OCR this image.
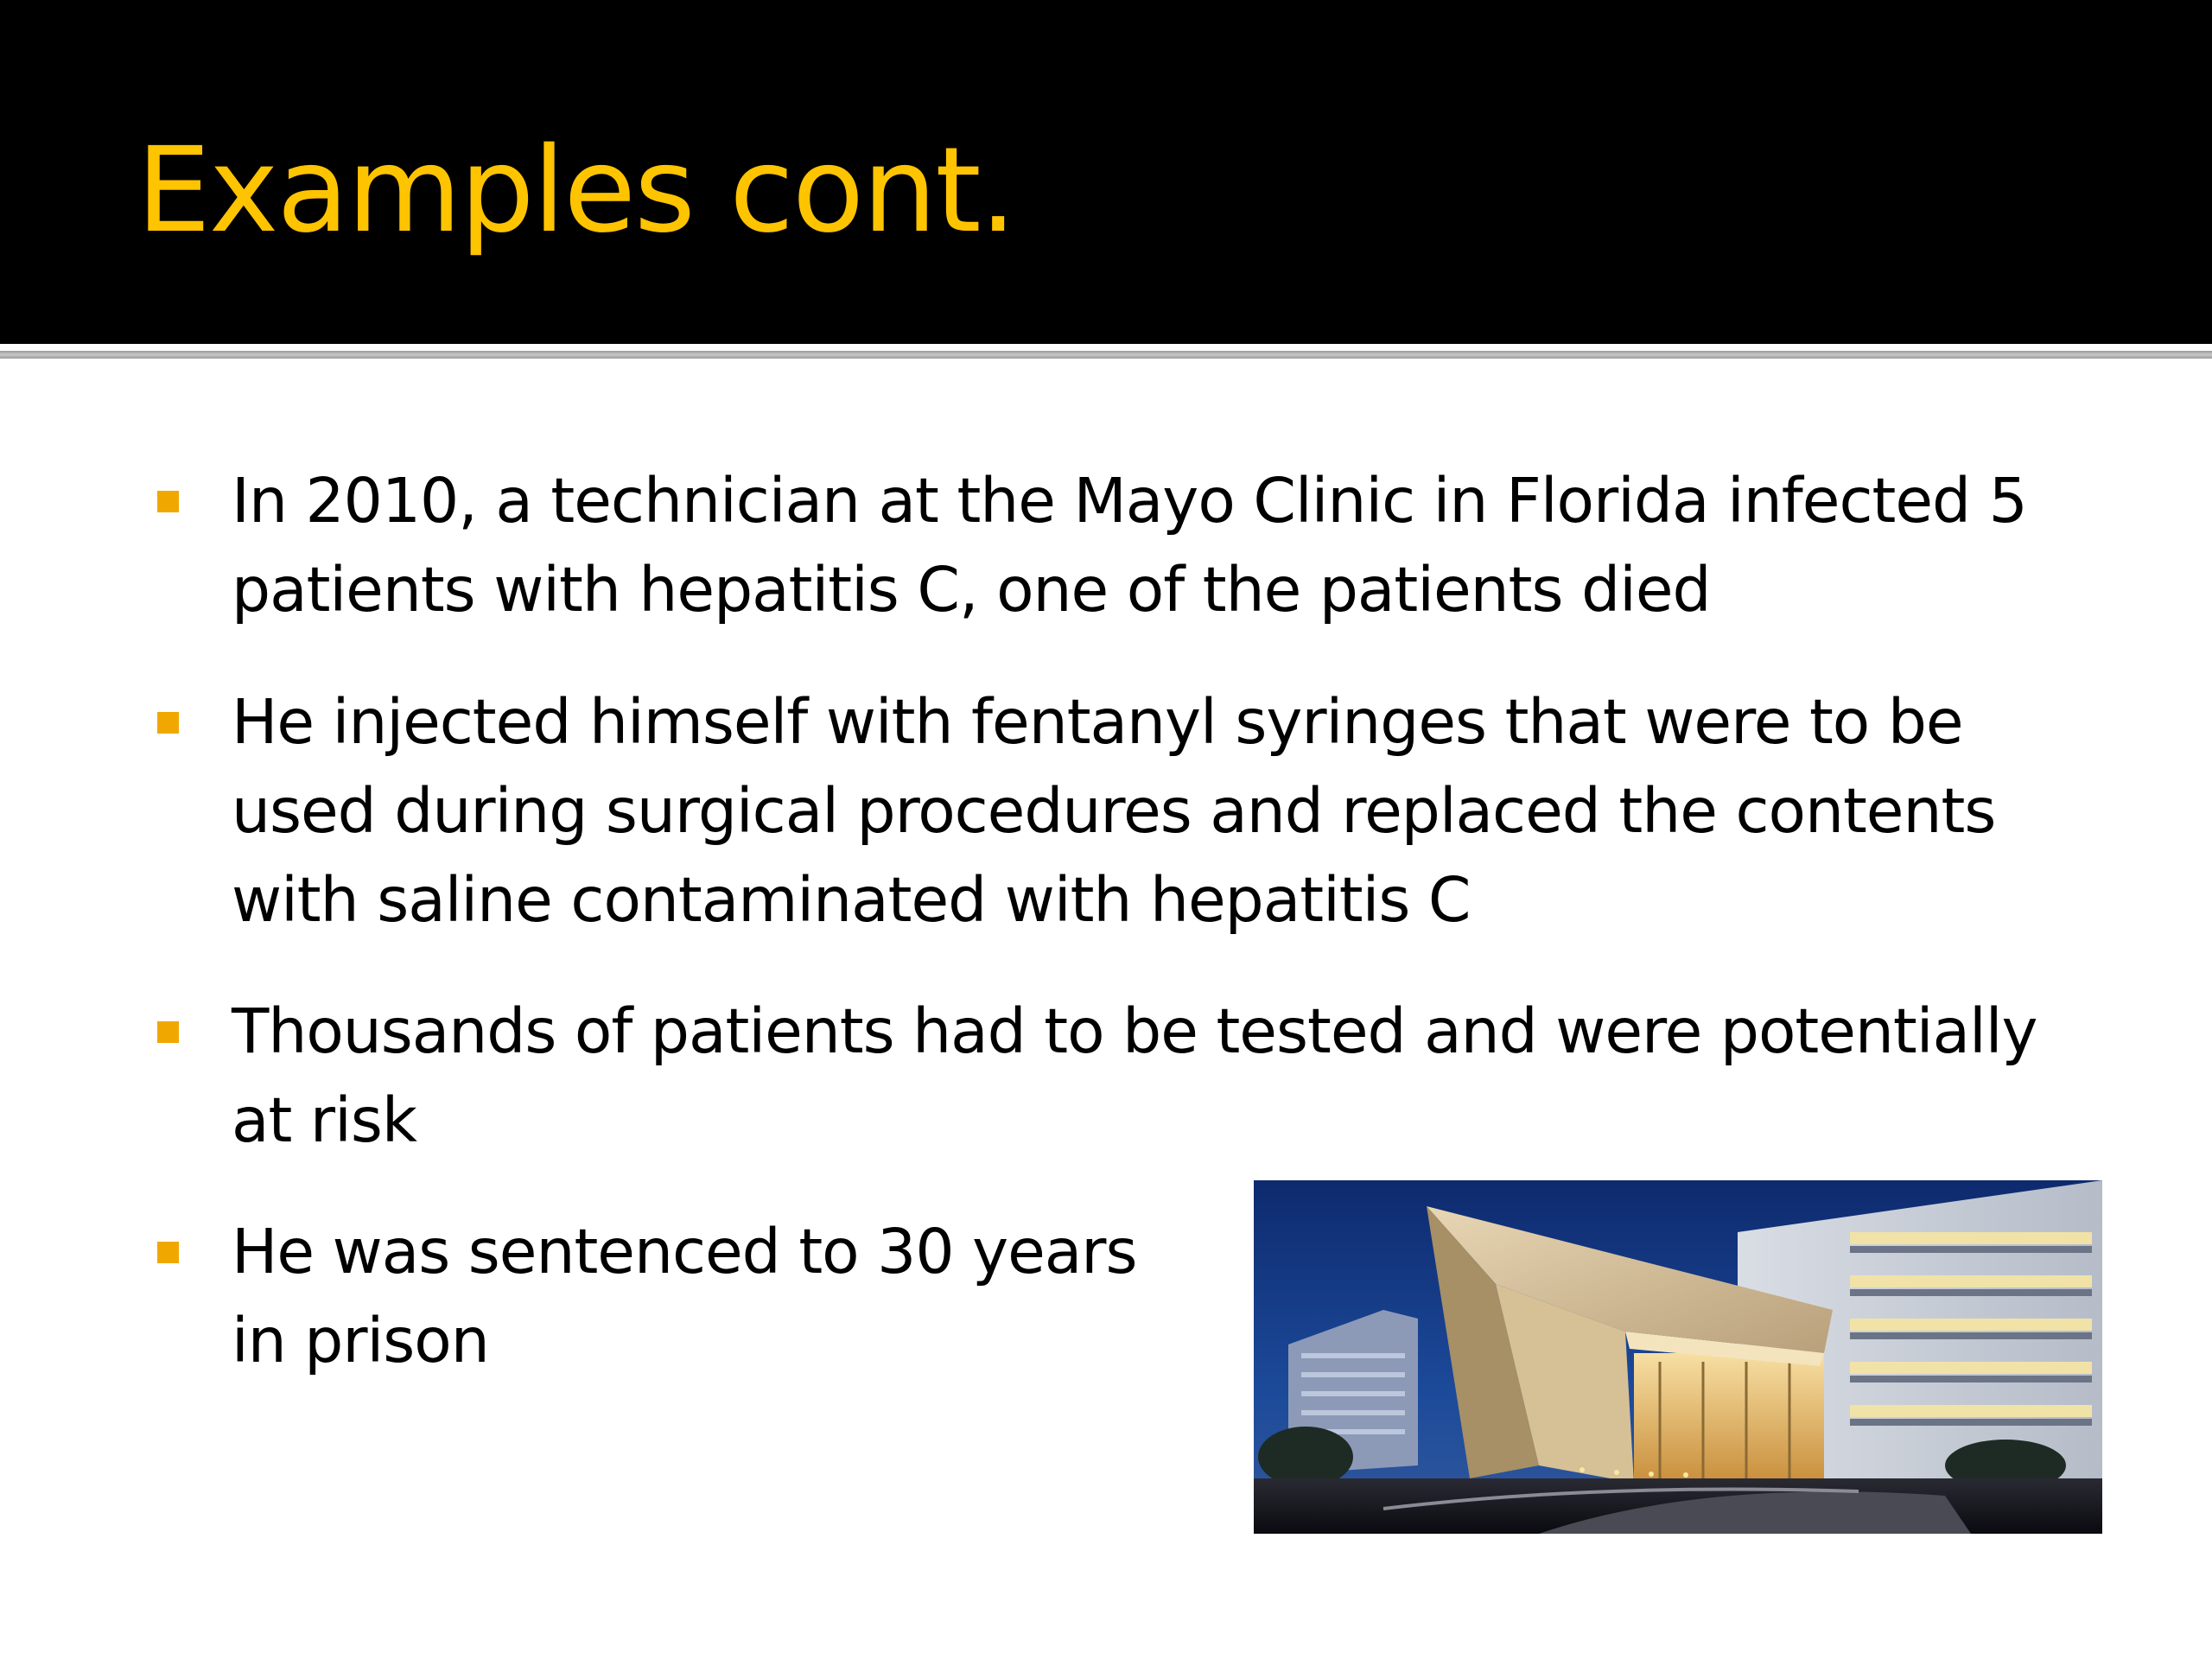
Examples cont.
In 2010, a technician at the Mayo Clinic in Florida infected 5
patients with hepatitis C, one of the patients died
He injected himself with fentanyl syringes that were to be
used during surgical procedures and replaced the contents
with saline contaminated with hepatitis C
Thousands of patients had to be tested and were potentially
at risk
He was sentenced to 30 years
in prison
